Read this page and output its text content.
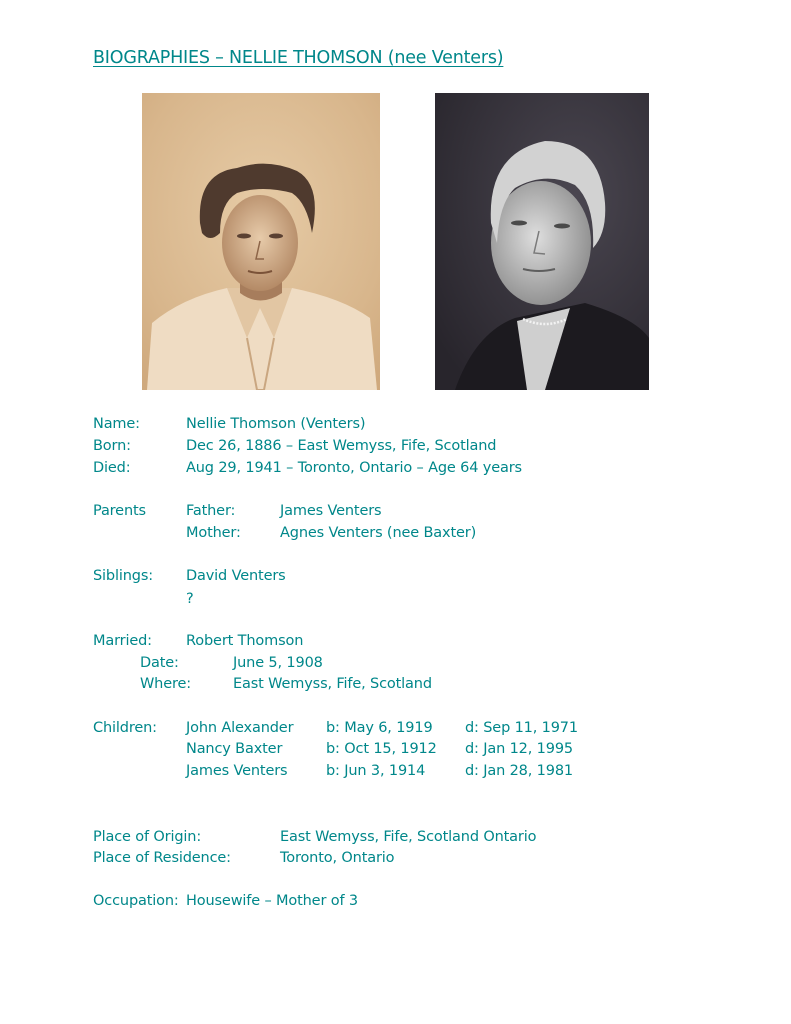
BIOGRAPHIES – NELLIE THOMSON (nee Venters)
Name:	Nellie Thomson (Venters)
Born:	Dec 26, 1886 – East Wemyss, Fife, Scotland
Died:	Aug 29, 1941 – Toronto, Ontario – Age 64 years
Parents	Father:	James Venters
Mother:	Agnes Venters (nee Baxter)
Siblings: David Venters
?
Married: Robert Thomson
Date:	June 5, 1908
Where:	East Wemyss, Fife, Scotland
Children: John Alexander b: May 6, 1919 d: Sep 11, 1971
Nancy Baxter	b: Oct 15, 1912 d: Jan 12, 1995
James Venters	b: Jun 3, 1914	d: Jan 28, 1981
Place of Origin:	East Wemyss, Fife, Scotland Ontario
Place of Residence:	Toronto, Ontario
Occupation: Housewife – Mother of 3
